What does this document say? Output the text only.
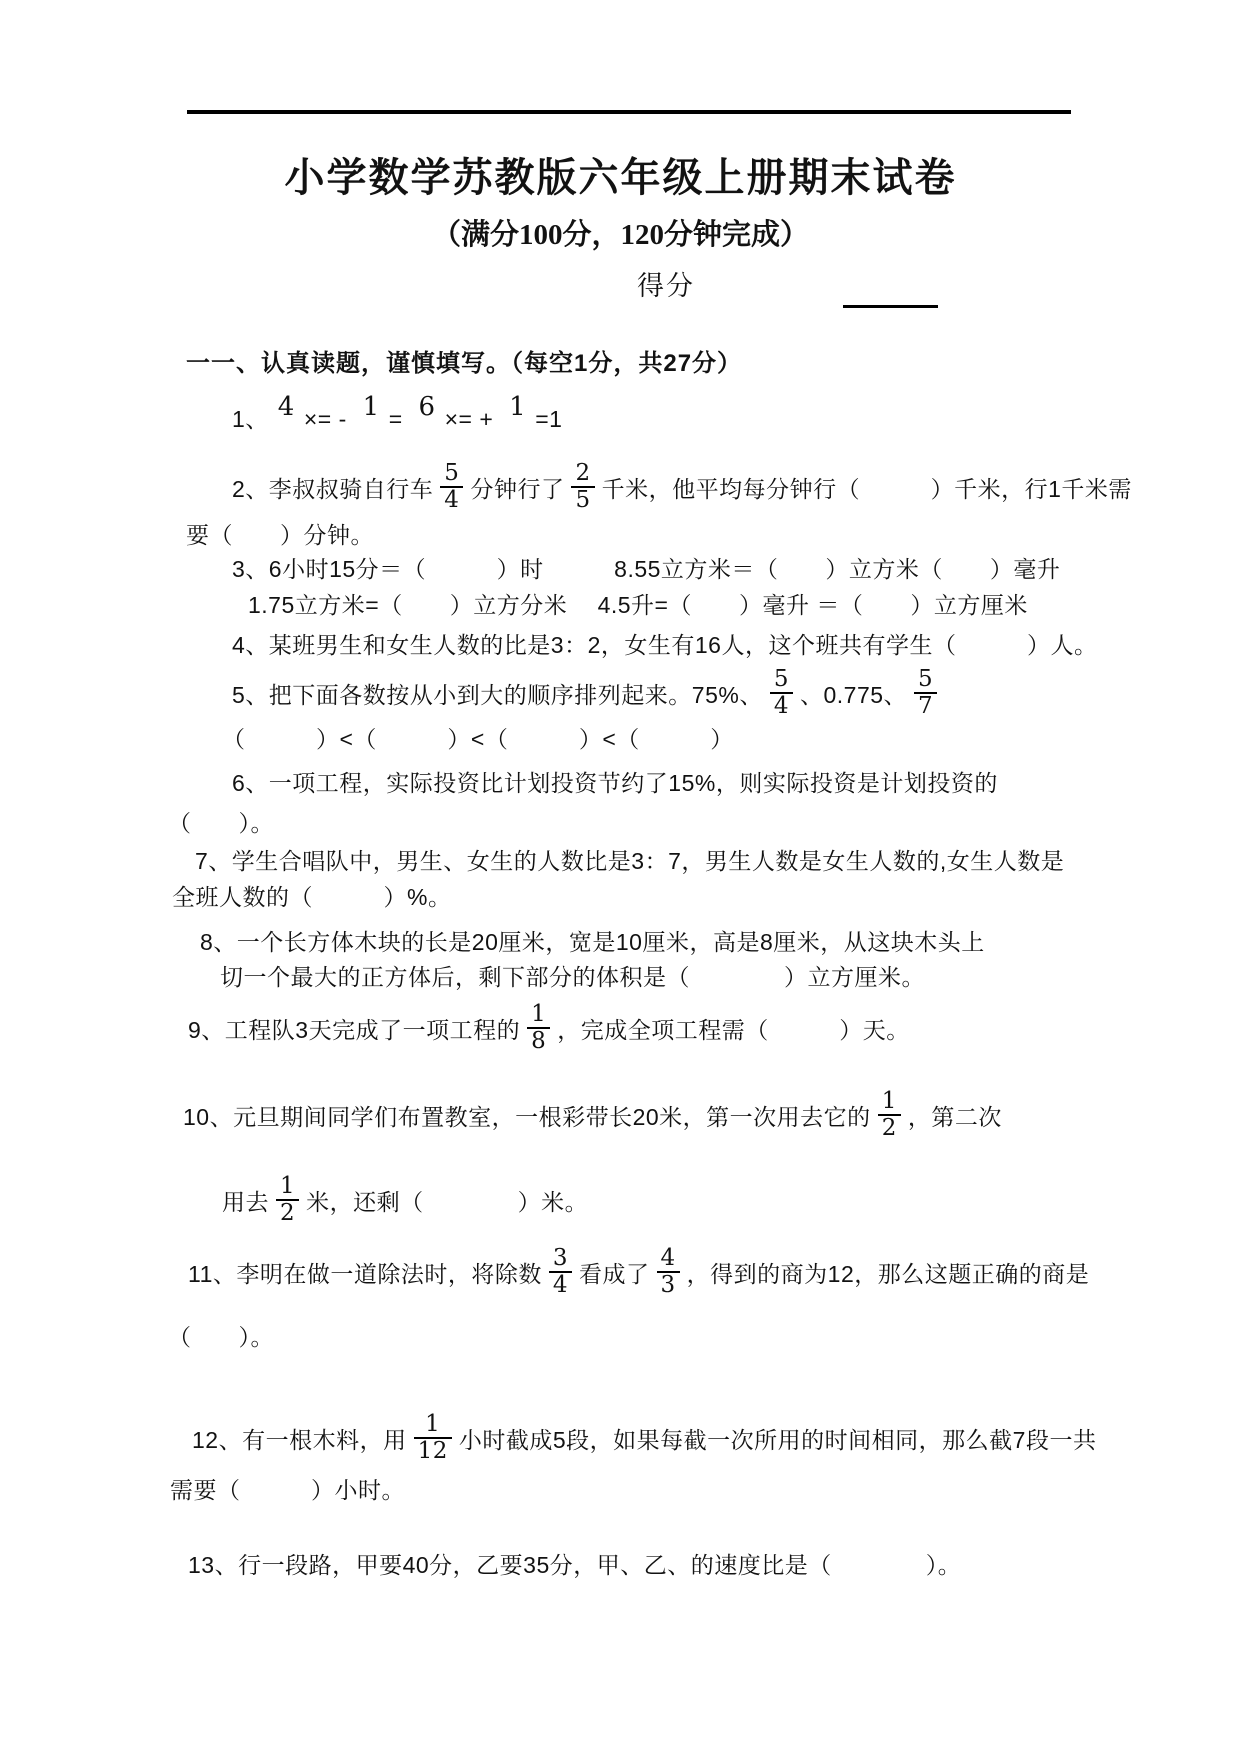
小学数学苏教版六年级上册期末试卷
（满分100分，120分钟完成）
得分
一一、认真读题，谨慎填写。（每空1分，共27分）
1、 4 ×= - 1 = 6 ×= + 1 =1
2、 李叔叔骑自行车 $\frac{5}{4}$ 分钟行了 $\frac{2}{5}$ 千米，他平均每分钟行（　　　）千米，行1千米需
要（　　）分钟。
3、6小时15分＝（　　　）时　　　8.55立方米＝（　　）立方米（　　）毫升
1.75立方米=（　　）立方分米　 4.5升=（　　）毫升 ＝（　　）立方厘米
4、某班男生和女生人数的比是3：2，女生有16人，这个班共有学生（　　　）人。
5、 把下面各数按从小到大的顺序排列起来。75%、 $\frac{5}{4}$ 、0.775、 $\frac{5}{7}$
（　　　）<（　　　）<（　　　）<（　　　）
6、一项工程，实际投资比计划投资节约了15%，则实际投资是计划投资的
（　　）。
7、学生合唱队中，男生、女生的人数比是3：7，男生人数是女生人数的,女生人数是
全班人数的（　　　）%。
8、一个长方体木块的长是20厘米，宽是10厘米，高是8厘米，从这块木头上
切一个最大的正方体后，剩下部分的体积是（　　　　）立方厘米。
9、 工程队3天完成了一项工程的 $\frac{1}{8}$ ，完成全项工程需（　　　）天。
10、 元旦期间同学们布置教室，一根彩带长20米，第一次用去它的 $\frac{1}{2}$ ，第二次
用去 $\frac{1}{2}$ 米，还剩（　　　　）米。
11、 李明在做一道除法时，将除数 $\frac{3}{4}$ 看成了 $\frac{4}{3}$ ，得到的商为12，那么这题正确的商是
（　　）。
12、 有一根木料，用 $\frac{1}{12}$ 小时截成5段，如果每截一次所用的时间相同，那么截7段一共
需要（　　　）小时。
13、行一段路，甲要40分，乙要35分，甲、乙、的速度比是（　　　　）。
